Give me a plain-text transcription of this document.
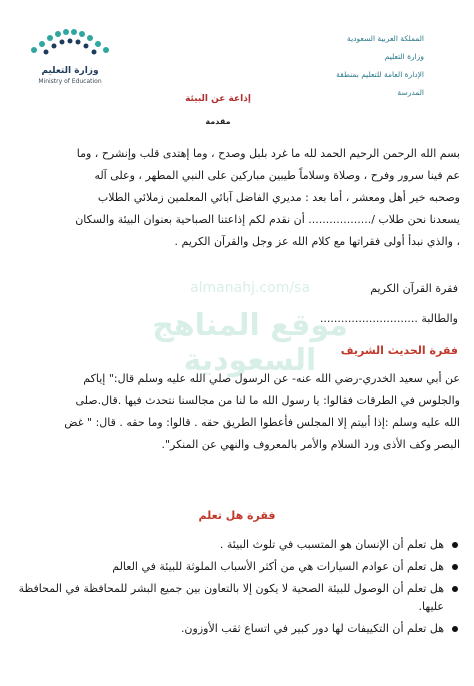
وزارة التعليم
Ministry of Education
المملكة العربية السعودية
وزارة التعليم
الإدارة العامة للتعليم بمنطقة
المدرسة
إذاعة عن البيئة
مقدمة
almanahj.com/sa
موقع المناهج السعودية
بسم الله الرحمن الرحيم الحمد لله ما غرد بلبل وصدح ، وما إهتدى قلب وإنشرح ، وما
عم فينا سرور وفرح ، وصلاة وسلاماً طيبين مباركين على النبي المطهر ، وعلى آله
وصحبه خير أهل ومعشر ، أما بعد : مديري الفاضل آبائي المعلمين زملائي الطلاب
يسعدنا نحن طلاب /.................. أن نقدم لكم إذاعتنا الصباحية بعنوان البيئة والسكان
، والذي نبدأ أولى فقراتها مع كلام الله عز وجل والقرآن الكريم .
فقرة القرآن الكريم
والطالبة ............................
فقرة الحديث الشريف
عن أبي سعيد الخدري-رضي الله عنه- عن الرسول صلي الله عليه وسلم قال:" إياكم
والجلوس في الطرقات فقالوا: يا رسول الله ما لنا من مجالسنا نتحدث فيها .قال.صلى
الله عليه وسلم :إذا أبيتم إلا المجلس فأعطوا الطريق حقه . قالوا: وما حقه . قال: " غض
البصر وكف الأذى ورد السلام والأمر بالمعروف والنهي عن المنكر".
فقرة هل تعلم
هل تعلم أن الإنسان هو المتسبب في تلوث البيئة .
هل تعلم أن عوادم السيارات هي من أكثر الأسباب الملوثة للبيئة في العالم
هل تعلم أن الوصول للبيئة الصحية لا يكون إلا بالتعاون بين جميع البشر للمحافظة في المحافظة عليها.
هل تعلم أن التكييفات لها دور كبير في اتساع ثقب الأوزون.
